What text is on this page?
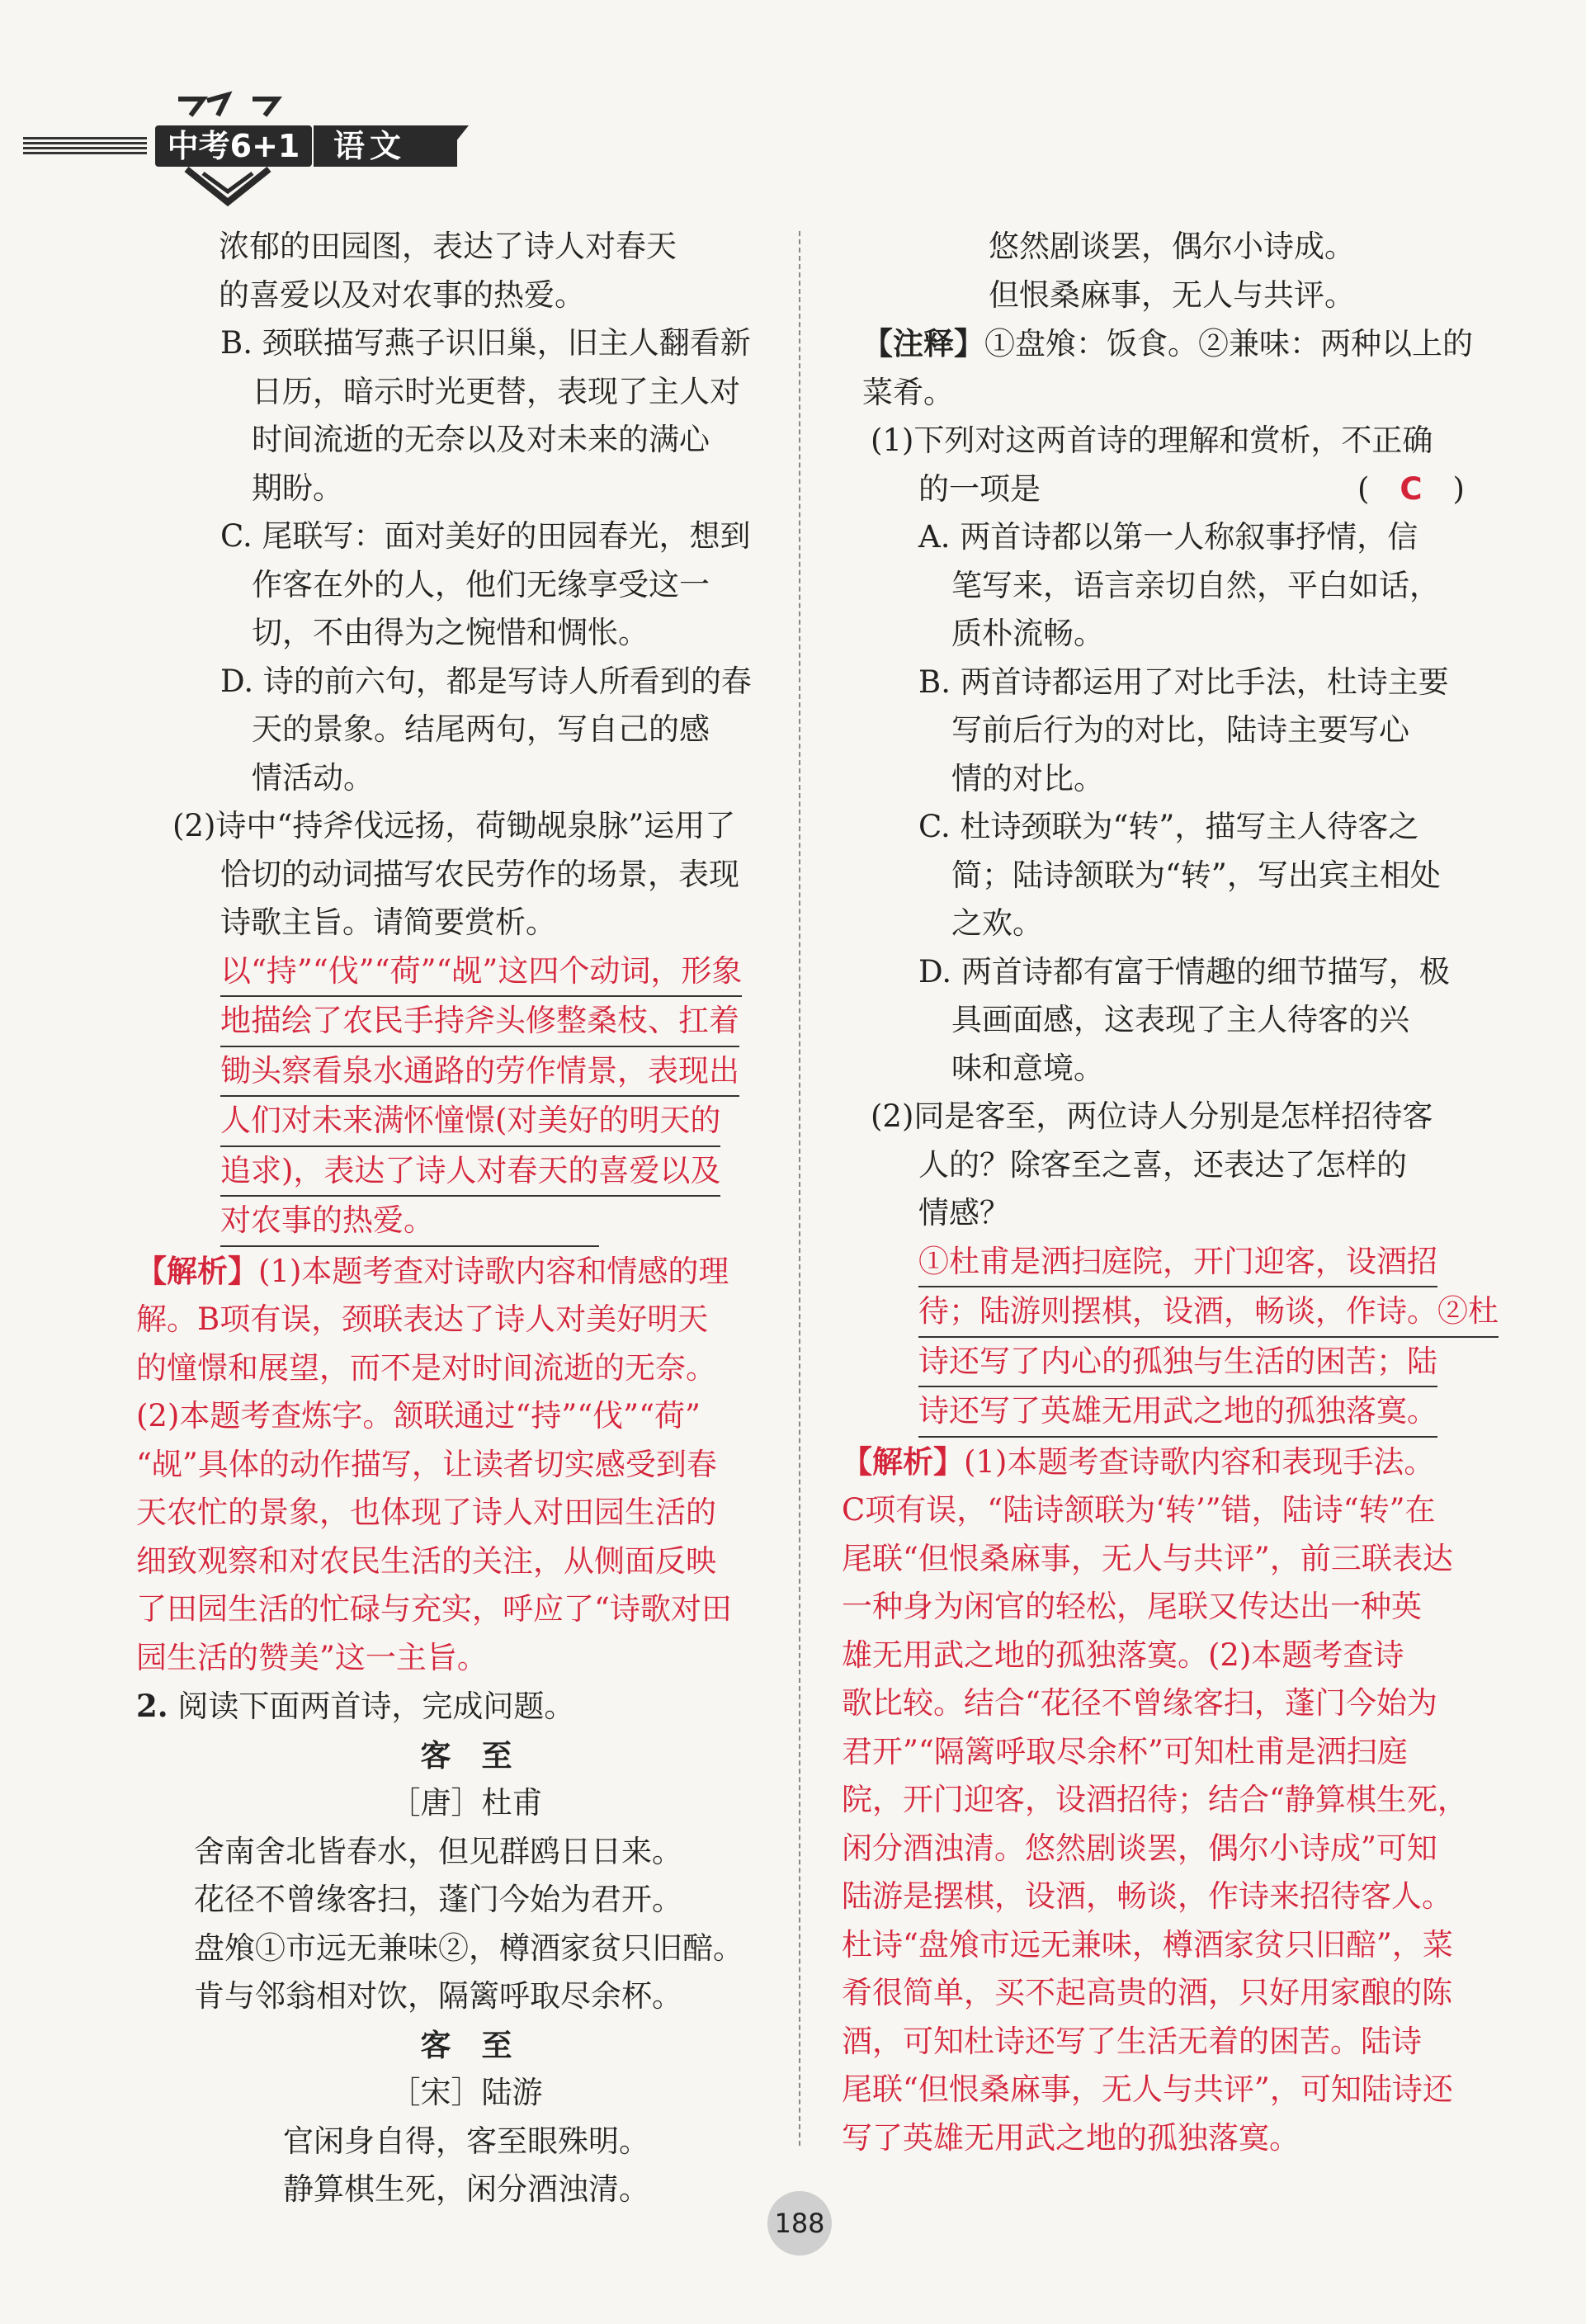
中考6+1	语文
浓郁的田园图，表达了诗人对春天
的喜爱以及对农事的热爱。
B. 颈联描写燕子识旧巢，旧主人翻看新
日历，暗示时光更替，表现了主人对
时间流逝的无奈以及对未来的满心
期盼。
C. 尾联写：面对美好的田园春光，想到
作客在外的人，他们无缘享受这一
切，不由得为之惋惜和惆怅。
D. 诗的前六句，都是写诗人所看到的春
天的景象。结尾两句，写自己的感
情活动。
(2)诗中“持斧伐远扬，荷锄觇泉脉”运用了
恰切的动词描写农民劳作的场景，表现
诗歌主旨。请简要赏析。
以“持”“伐”“荷”“觇”这四个动词，形象
地描绘了农民手持斧头修整桑枝、扛着
锄头察看泉水通路的劳作情景，表现出
人们对未来满怀憧憬(对美好的明天的
追求)，表达了诗人对春天的喜爱以及
对农事的热爱。
【解析】(1)本题考查对诗歌内容和情感的理
解。B项有误，颈联表达了诗人对美好明天
的憧憬和展望，而不是对时间流逝的无奈。
(2)本题考查炼字。颔联通过“持”“伐”“荷”
“觇”具体的动作描写，让读者切实感受到春
天农忙的景象，也体现了诗人对田园生活的
细致观察和对农民生活的关注，从侧面反映
了田园生活的忙碌与充实，呼应了“诗歌对田
园生活的赞美”这一主旨。
2. 阅读下面两首诗，完成问题。
客　至
［唐］杜甫
舍南舍北皆春水，但见群鸥日日来。
花径不曾缘客扫，蓬门今始为君开。
盘飧①市远无兼味②，樽酒家贫只旧醅。
肯与邻翁相对饮，隔篱呼取尽余杯。
客　至
［宋］陆游
官闲身自得，客至眼殊明。
静算棋生死，闲分酒浊清。
悠然剧谈罢，偶尔小诗成。
但恨桑麻事，无人与共评。
【注释】①盘飧：饭食。②兼味：两种以上的
菜肴。
(1)下列对这两首诗的理解和赏析，不正确
的一项是	(　C　)
A. 两首诗都以第一人称叙事抒情，信
笔写来，语言亲切自然，平白如话，
质朴流畅。
B. 两首诗都运用了对比手法，杜诗主要
写前后行为的对比，陆诗主要写心
情的对比。
C. 杜诗颈联为“转”，描写主人待客之
简；陆诗颔联为“转”，写出宾主相处
之欢。
D. 两首诗都有富于情趣的细节描写，极
具画面感，这表现了主人待客的兴
味和意境。
(2)同是客至，两位诗人分别是怎样招待客
人的？除客至之喜，还表达了怎样的
情感？
①杜甫是洒扫庭院，开门迎客，设酒招
待；陆游则摆棋，设酒，畅谈，作诗。②杜
诗还写了内心的孤独与生活的困苦；陆
诗还写了英雄无用武之地的孤独落寞。
【解析】(1)本题考查诗歌内容和表现手法。
C项有误，“陆诗颔联为‘转’”错，陆诗“转”在
尾联“但恨桑麻事，无人与共评”，前三联表达
一种身为闲官的轻松，尾联又传达出一种英
雄无用武之地的孤独落寞。(2)本题考查诗
歌比较。结合“花径不曾缘客扫，蓬门今始为
君开”“隔篱呼取尽余杯”可知杜甫是洒扫庭
院，开门迎客，设酒招待；结合“静算棋生死，
闲分酒浊清。悠然剧谈罢，偶尔小诗成”可知
陆游是摆棋，设酒，畅谈，作诗来招待客人。
杜诗“盘飧市远无兼味，樽酒家贫只旧醅”，菜
肴很简单，买不起高贵的酒，只好用家酿的陈
酒，可知杜诗还写了生活无着的困苦。陆诗
尾联“但恨桑麻事，无人与共评”，可知陆诗还
写了英雄无用武之地的孤独落寞。
188
